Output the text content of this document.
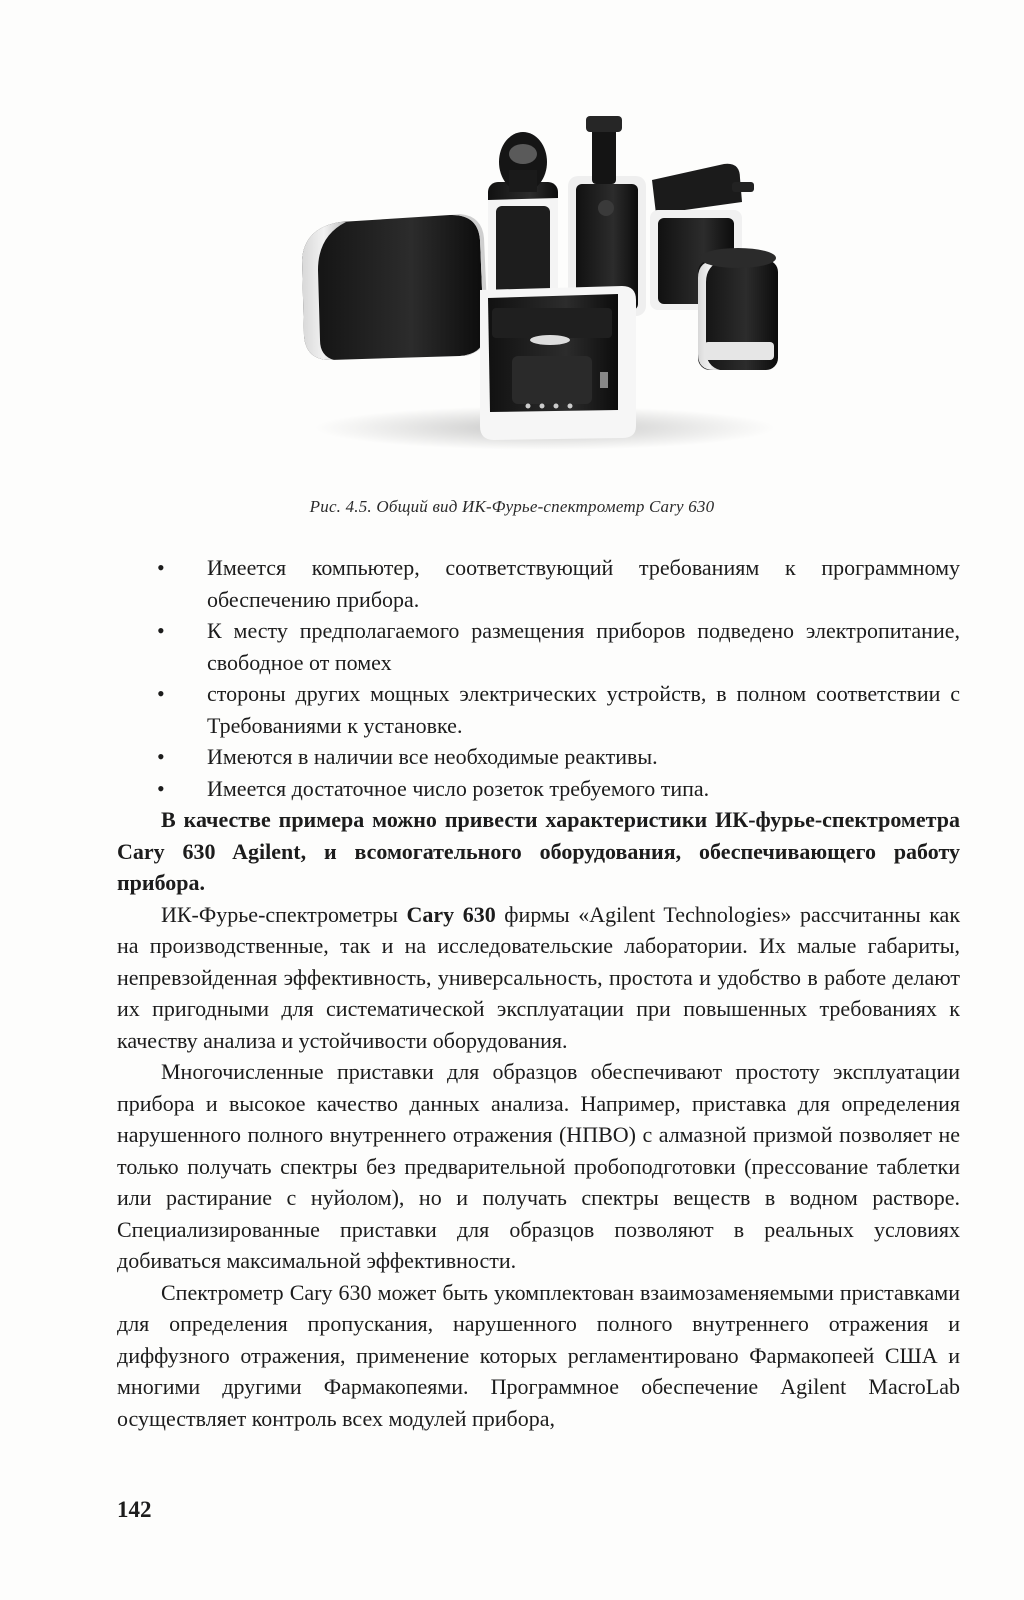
Рис. 4.5. Общий вид ИК-Фурье-спектрометр Cary 630
• Имеется компьютер, соответствующий требованиям к программному обеспечению прибора.
• К месту предполагаемого размещения приборов подведено электропитание, свободное от помех
• стороны других мощных электрических устройств, в полном соответствии с Требованиями к установке.
• Имеются в наличии все необходимые реактивы.
• Имеется достаточное число розеток требуемого типа.

В качестве примера можно привести характеристики ИК-фурье-спектрометра Cary 630 Agilent, и всомогательного оборудования, обеспечивающего работу прибора.

ИК-Фурье-спектрометры Cary 630 фирмы «Agilent Technologies» рассчитанны как на производственные, так и на исследовательские лаборатории. Их малые габариты, непревзойденная эффективность, универсальность, простота и удобство в работе делают их пригодными для систематической эксплуатации при повышенных требованиях к качеству анализа и устойчивости оборудования.

Многочисленные приставки для образцов обеспечивают простоту эксплуатации прибора и высокое качество данных анализа. Например, приставка для определения нарушенного полного внутреннего отражения (НПВО) с алмазной призмой позволяет не только получать спектры без предварительной пробоподготовки (прессование таблетки или растирание с нуйолом), но и получать спектры веществ в водном растворе. Специализированные приставки для образцов позволяют в реальных условиях добиваться максимальной эффективности.

Спектрометр Cary 630 может быть укомплектован взаимозаменяемыми приставками для определения пропускания, нарушенного полного внутреннего отражения и диффузного отражения, применение которых регламентировано Фармакопеей США и многими другими Фармакопеями. Программное обеспечение Agilent MacroLab осуществляет контроль всех модулей прибора,

142
